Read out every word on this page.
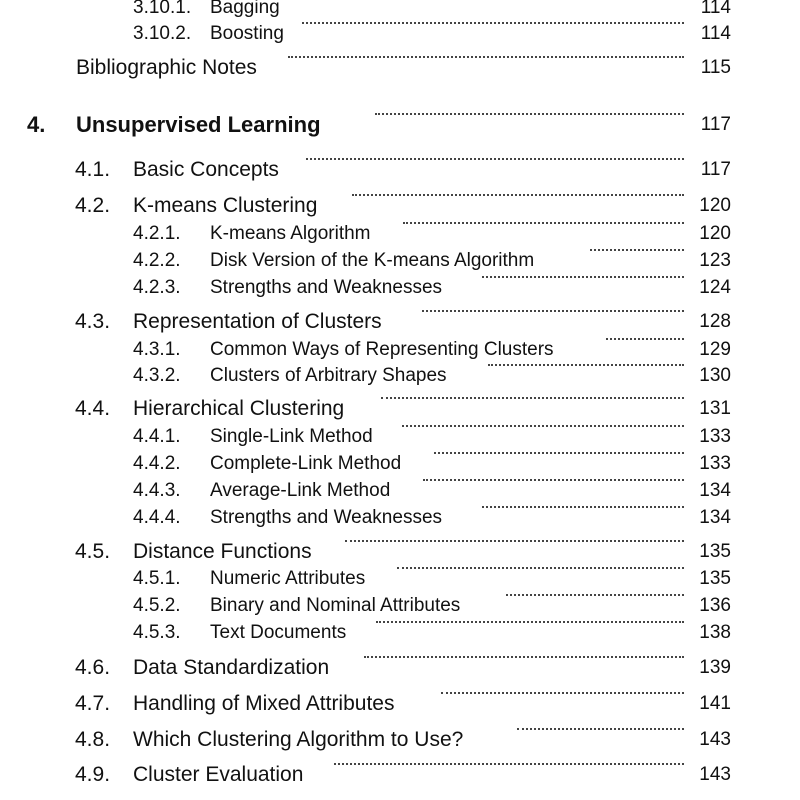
3.10.1. Bagging	114
3.10.2. Boosting	114
Bibliographic Notes	115
4. Unsupervised Learning	117
4.1. Basic Concepts	117
4.2. K-means Clustering	120
4.2.1. K-means Algorithm	120
4.2.2. Disk Version of the K-means Algorithm	123
4.2.3. Strengths and Weaknesses	124
4.3. Representation of Clusters	128
4.3.1. Common Ways of Representing Clusters	129
4.3.2. Clusters of Arbitrary Shapes	130
4.4. Hierarchical Clustering	131
4.4.1. Single-Link Method	133
4.4.2. Complete-Link Method	133
4.4.3. Average-Link Method	134
4.4.4. Strengths and Weaknesses	134
4.5. Distance Functions	135
4.5.1. Numeric Attributes	135
4.5.2. Binary and Nominal Attributes	136
4.5.3. Text Documents	138
4.6. Data Standardization	139
4.7. Handling of Mixed Attributes	141
4.8. Which Clustering Algorithm to Use?	143
4.9. Cluster Evaluation	143
